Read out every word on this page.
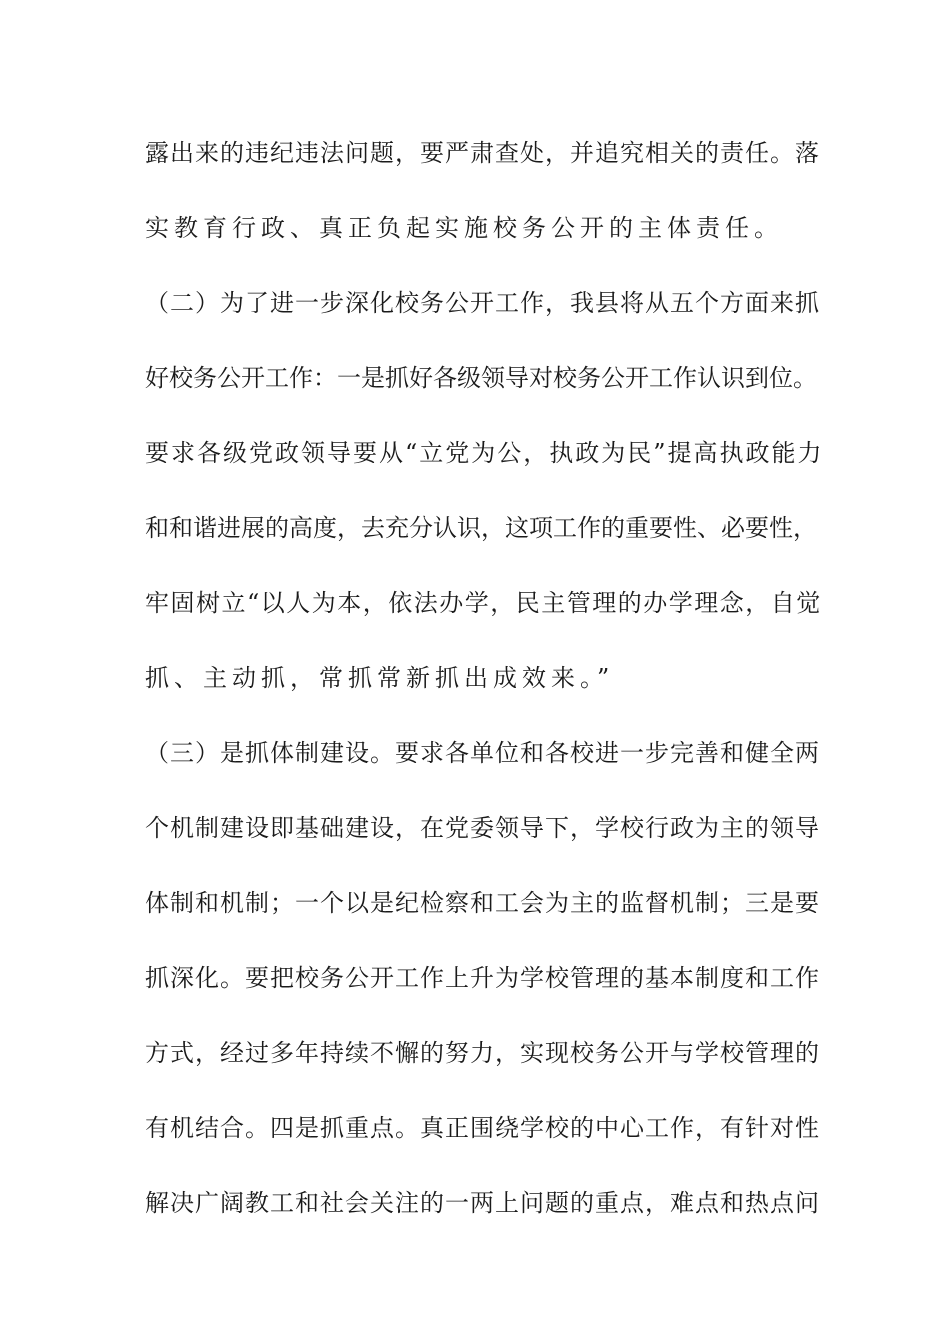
露出来的违纪违法问题，要严肃查处，并追究相关的责任。落
实教育行政、真正负起实施校务公开的主体责任。
（二）为了进一步深化校务公开工作，我县将从五个方面来抓
好校务公开工作：一是抓好各级领导对校务公开工作认识到位。
要求各级党政领导要从“立党为公，执政为民”提高执政能力
和和谐进展的高度，去充分认识，这项工作的重要性、必要性，
牢固树立“以人为本，依法办学，民主管理的办学理念，自觉
抓、主动抓，常抓常新抓出成效来。”
（三）是抓体制建设。要求各单位和各校进一步完善和健全两
个机制建设即基础建设，在党委领导下，学校行政为主的领导
体制和机制；一个以是纪检察和工会为主的监督机制；三是要
抓深化。要把校务公开工作上升为学校管理的基本制度和工作
方式，经过多年持续不懈的努力，实现校务公开与学校管理的
有机结合。四是抓重点。真正围绕学校的中心工作，有针对性
解决广阔教工和社会关注的一两上问题的重点，难点和热点问
